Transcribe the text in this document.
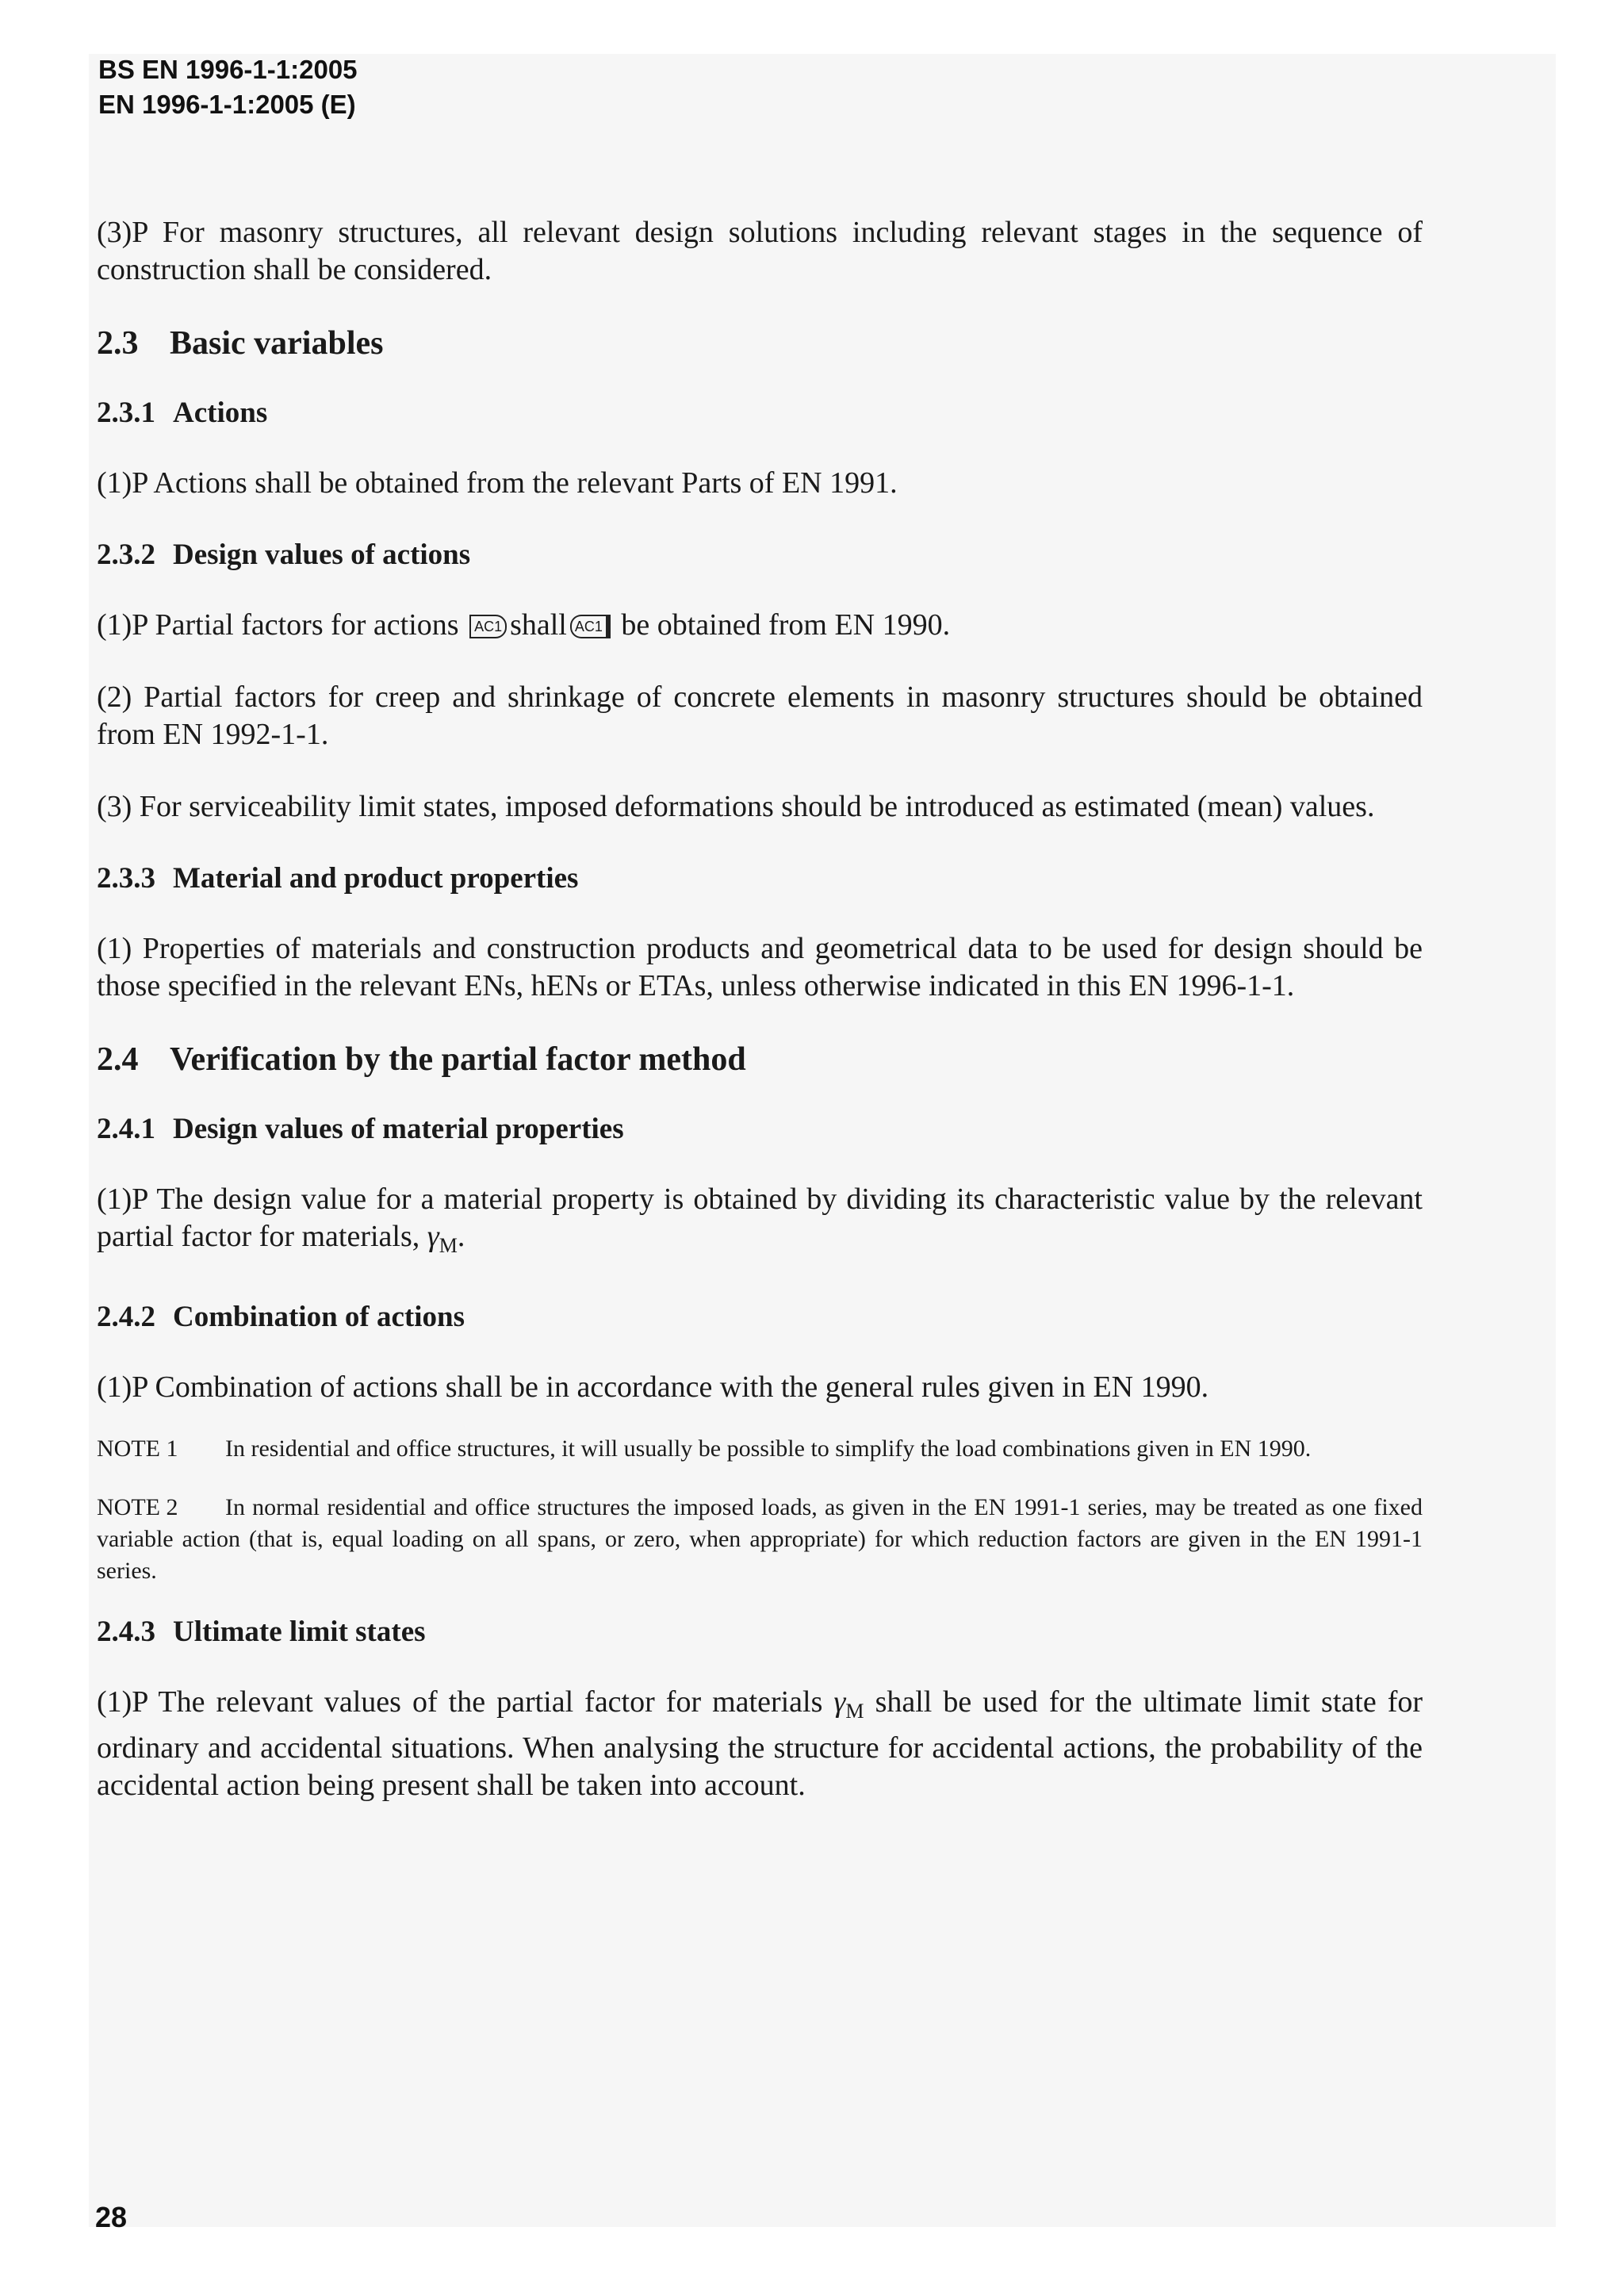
BS EN 1996-1-1:2005
EN 1996-1-1:2005 (E)

(3)P For masonry structures, all relevant design solutions including relevant stages in the sequence of construction shall be considered.

2.3 Basic variables
2.3.1 Actions

(1)P Actions shall be obtained from the relevant Parts of EN 1991.

2.3.2 Design values of actions

(1)P Partial factors for actions AC1 shall AC1 be obtained from EN 1990.

(2) Partial factors for creep and shrinkage of concrete elements in masonry structures should be obtained from EN 1992-1-1.

(3) For serviceability limit states, imposed deformations should be introduced as estimated (mean) values.

2.3.3 Material and product properties

(1) Properties of materials and construction products and geometrical data to be used for design should be those specified in the relevant ENs, hENs or ETAs, unless otherwise indicated in this EN 1996-1-1.

2.4 Verification by the partial factor method
2.4.1 Design values of material properties

(1)P The design value for a material property is obtained by dividing its characteristic value by the relevant partial factor for materials, $\gamma_M$.

2.4.2 Combination of actions

(1)P Combination of actions shall be in accordance with the general rules given in EN 1990.

NOTE 1 In residential and office structures, it will usually be possible to simplify the load combinations given in EN 1990.

NOTE 2 In normal residential and office structures the imposed loads, as given in the EN 1991-1 series, may be treated as one fixed variable action (that is, equal loading on all spans, or zero, when appropriate) for which reduction factors are given in the EN 1991-1 series.

2.4.3 Ultimate limit states

(1)P The relevant values of the partial factor for materials $\gamma_M$ shall be used for the ultimate limit state for ordinary and accidental situations. When analysing the structure for accidental actions, the probability of the accidental action being present shall be taken into account.

28
